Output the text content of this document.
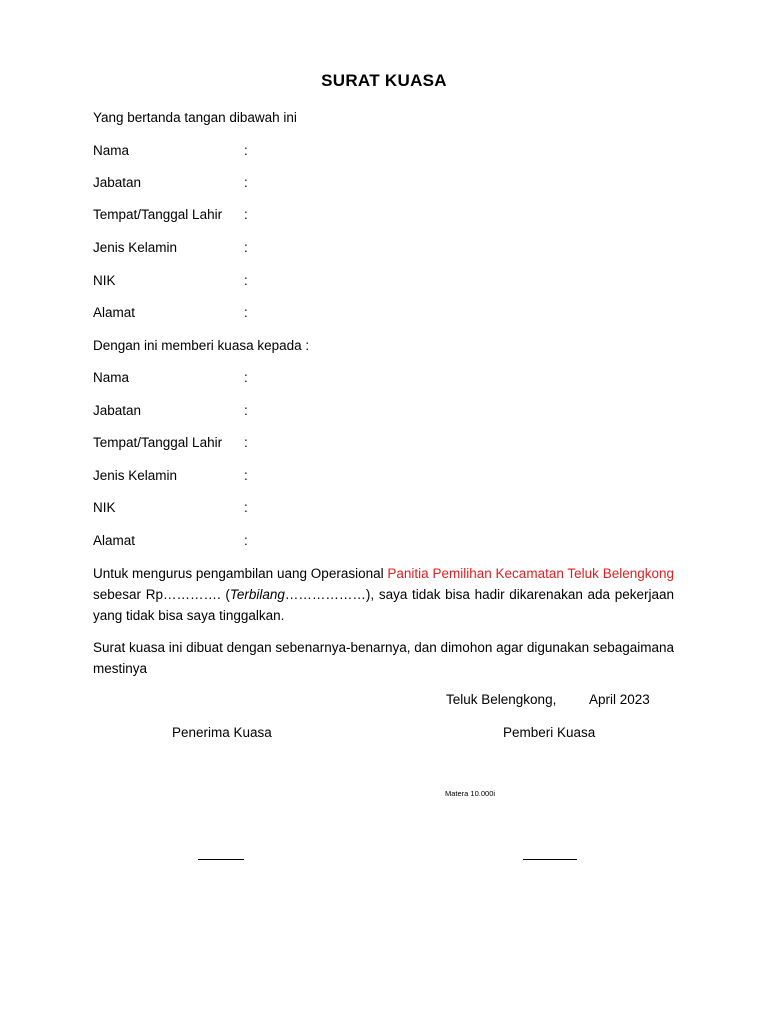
SURAT KUASA
Yang bertanda tangan dibawah ini
Nama	:
Jabatan	:
Tempat/Tanggal Lahir :
Jenis Kelamin	:
NIK	:
Alamat	:
Dengan ini memberi kuasa kepada :
Nama	:
Jabatan	:
Tempat/Tanggal Lahir :
Jenis Kelamin	:
NIK	:
Alamat	:
Untuk mengurus pengambilan uang Operasional Panitia Pemilihan Kecamatan Teluk Belengkong sebesar Rp…………. (Terbilang………………), saya tidak bisa hadir dikarenakan ada pekerjaan yang tidak bisa saya tinggalkan.
Surat kuasa ini dibuat dengan sebenarnya-benarnya, dan dimohon agar digunakan sebagaimana mestinya
Teluk Belengkong, April 2023
Penerima Kuasa	Pemberi Kuasa
Matera 10.000i
